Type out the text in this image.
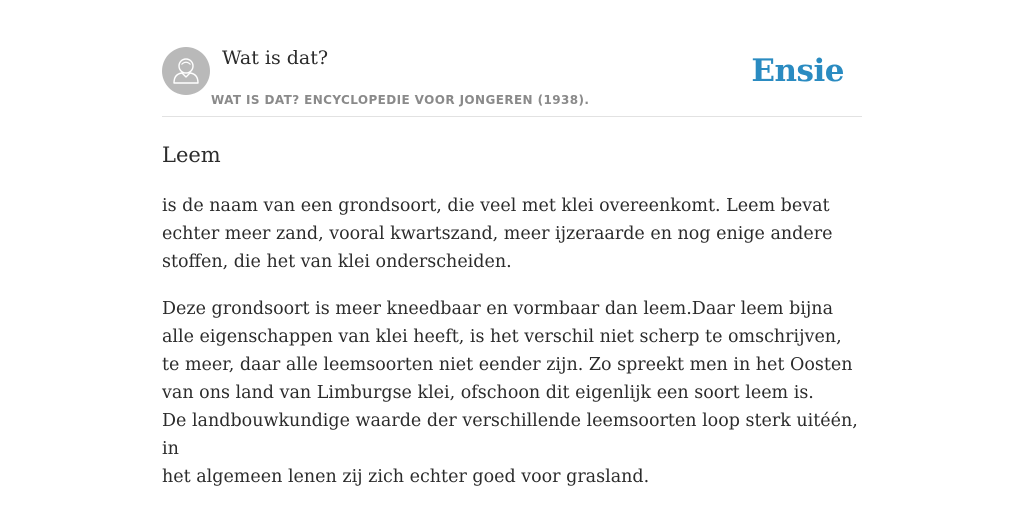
Wat is dat?
WAT IS DAT? ENCYCLOPEDIE VOOR JONGEREN (1938).
Ensie
Leem

is de naam van een grondsoort, die veel met klei overeenkomt. Leem bevat echter meer zand, vooral kwartszand, meer ijzeraarde en nog enige andere stoffen, die het van klei onderscheiden.

Deze grondsoort is meer kneedbaar en vormbaar dan leem.Daar leem bijna alle eigenschappen van klei heeft, is het verschil niet scherp te omschrijven, te meer, daar alle leemsoorten niet eender zijn. Zo spreekt men in het Oosten van ons land van Limburgse klei, ofschoon dit eigenlijk een soort leem is.
De landbouwkundige waarde der verschillende leemsoorten loop sterk uitéén, in
het algemeen lenen zij zich echter goed voor grasland.
